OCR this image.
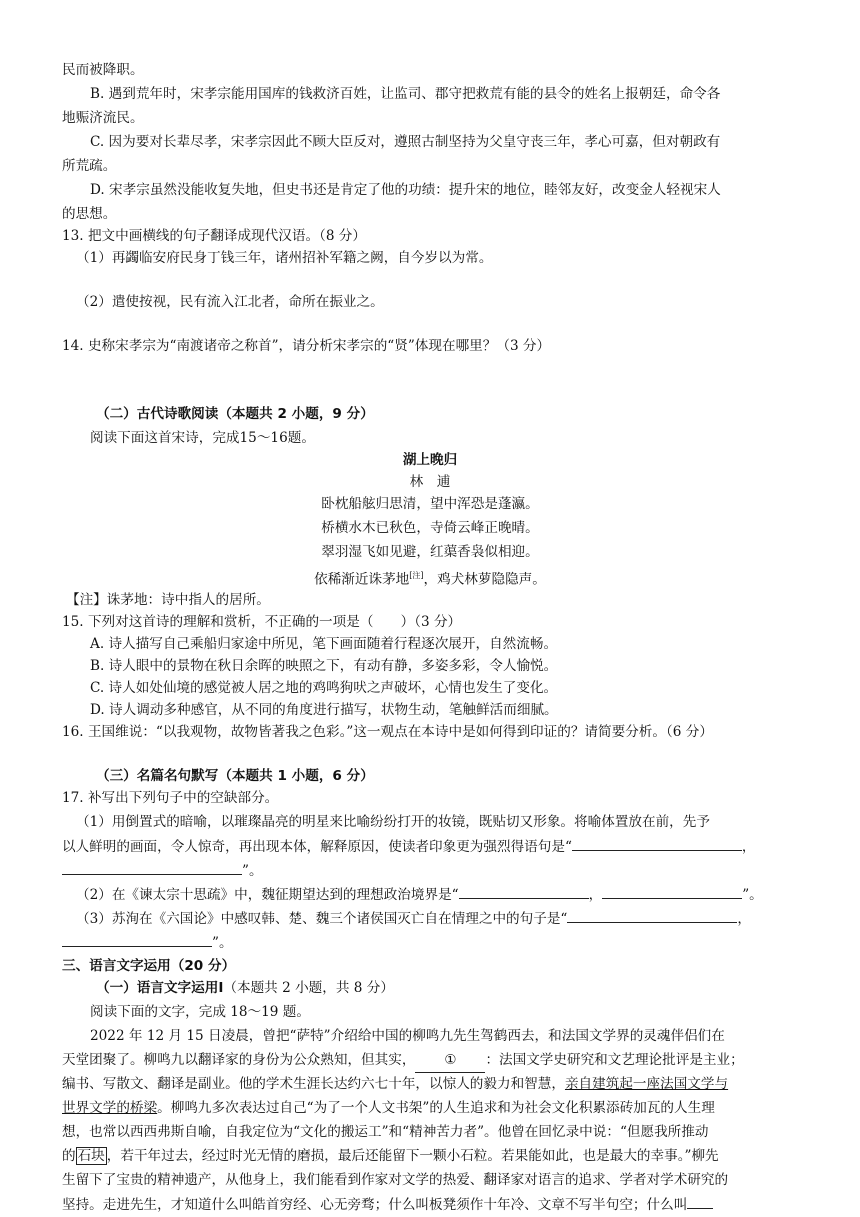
民而被降职。
B. 遇到荒年时，宋孝宗能用国库的钱救济百姓，让监司、郡守把救荒有能的县令的姓名上报朝廷，命令各
地赈济流民。
C. 因为要对长辈尽孝，宋孝宗因此不顾大臣反对，遵照古制坚持为父皇守丧三年，孝心可嘉，但对朝政有
所荒疏。
D. 宋孝宗虽然没能收复失地，但史书还是肯定了他的功绩：提升宋的地位，睦邻友好，改变金人轻视宋人
的思想。
13. 把文中画横线的句子翻译成现代汉语。（8 分）
（1）再蠲临安府民身丁钱三年，诸州招补军籍之阙，自今岁以为常。
（2）遣使按视，民有流入江北者，命所在振业之。
14. 史称宋孝宗为“南渡诸帝之称首”，请分析宋孝宗的“贤”体现在哪里？（3 分）
（二）古代诗歌阅读（本题共 2 小题，9 分）
阅读下面这首宋诗，完成15～16题。
湖上晚归
林　逋
卧枕船舷归思清，望中浑恐是蓬瀛。
桥横水木已秋色，寺倚云峰正晚晴。
翠羽湿飞如见避，红蕖香袅似相迎。
依稀渐近诛茅地[注]，鸡犬林萝隐隐声。
【注】诛茅地：诗中指人的居所。
15. 下列对这首诗的理解和赏析，不正确的一项是（　　）（3 分）
A. 诗人描写自己乘船归家途中所见，笔下画面随着行程逐次展开，自然流畅。
B. 诗人眼中的景物在秋日余晖的映照之下，有动有静，多姿多彩，令人愉悦。
C. 诗人如处仙境的感觉被人居之地的鸡鸣狗吠之声破坏，心情也发生了变化。
D. 诗人调动多种感官，从不同的角度进行描写，状物生动，笔触鲜活而细腻。
16. 王国维说：“以我观物，故物皆著我之色彩。”这一观点在本诗中是如何得到印证的？请简要分析。（6 分）
（三）名篇名句默写（本题共 1 小题，6 分）
17. 补写出下列句子中的空缺部分。
（1）用倒置式的暗喻，以璀璨晶亮的明星来比喻纷纷打开的妆镜，既贴切又形象。将喻体置放在前，先予
以人鲜明的画面，令人惊奇，再出现本体，解释原因，使读者印象更为强烈得语句是“	，
”。
（2）在《谏太宗十思疏》中，魏征期望达到的理想政治境界是“	，	”。
（3）苏洵在《六国论》中感叹韩、楚、魏三个诸侯国灭亡自在情理之中的句子是“	，
”。
三、语言文字运用（20 分）
（一）语言文字运用Ⅰ（本题共 2 小题，共 8 分）
阅读下面的文字，完成 18～19 题。
2022 年 12 月 15 日凌晨，曾把“萨特”介绍给中国的柳鸣九先生驾鹤西去，和法国文学界的灵魂伴侣们在
天堂团聚了。柳鸣九以翻译家的身份为公众熟知，但其实， ① ：法国文学史研究和文艺理论批评是主业；
编书、写散文、翻译是副业。他的学术生涯长达约六七十年，以惊人的毅力和智慧，亲自建筑起一座法国文学与
世界文学的桥梁。柳鸣九多次表达过自己“为了一个人文书架”的人生追求和为社会文化积累添砖加瓦的人生理
想，也常以西西弗斯自喻，自我定位为“文化的搬运工”和“精神苦力者”。他曾在回忆录中说：“但愿我所推动
的 石块 ，若干年过去，经过时光无情的磨损，最后还能留下一颗小石粒。若果能如此，也是最大的幸事。”柳先
生留下了宝贵的精神遗产，从他身上，我们能看到作家对文学的热爱、翻译家对语言的追求、学者对学术研究的
坚持。走进先生，才知道什么叫皓首穷经、心无旁骛；什么叫板凳须作十年冷、文章不写半句空；什么叫
